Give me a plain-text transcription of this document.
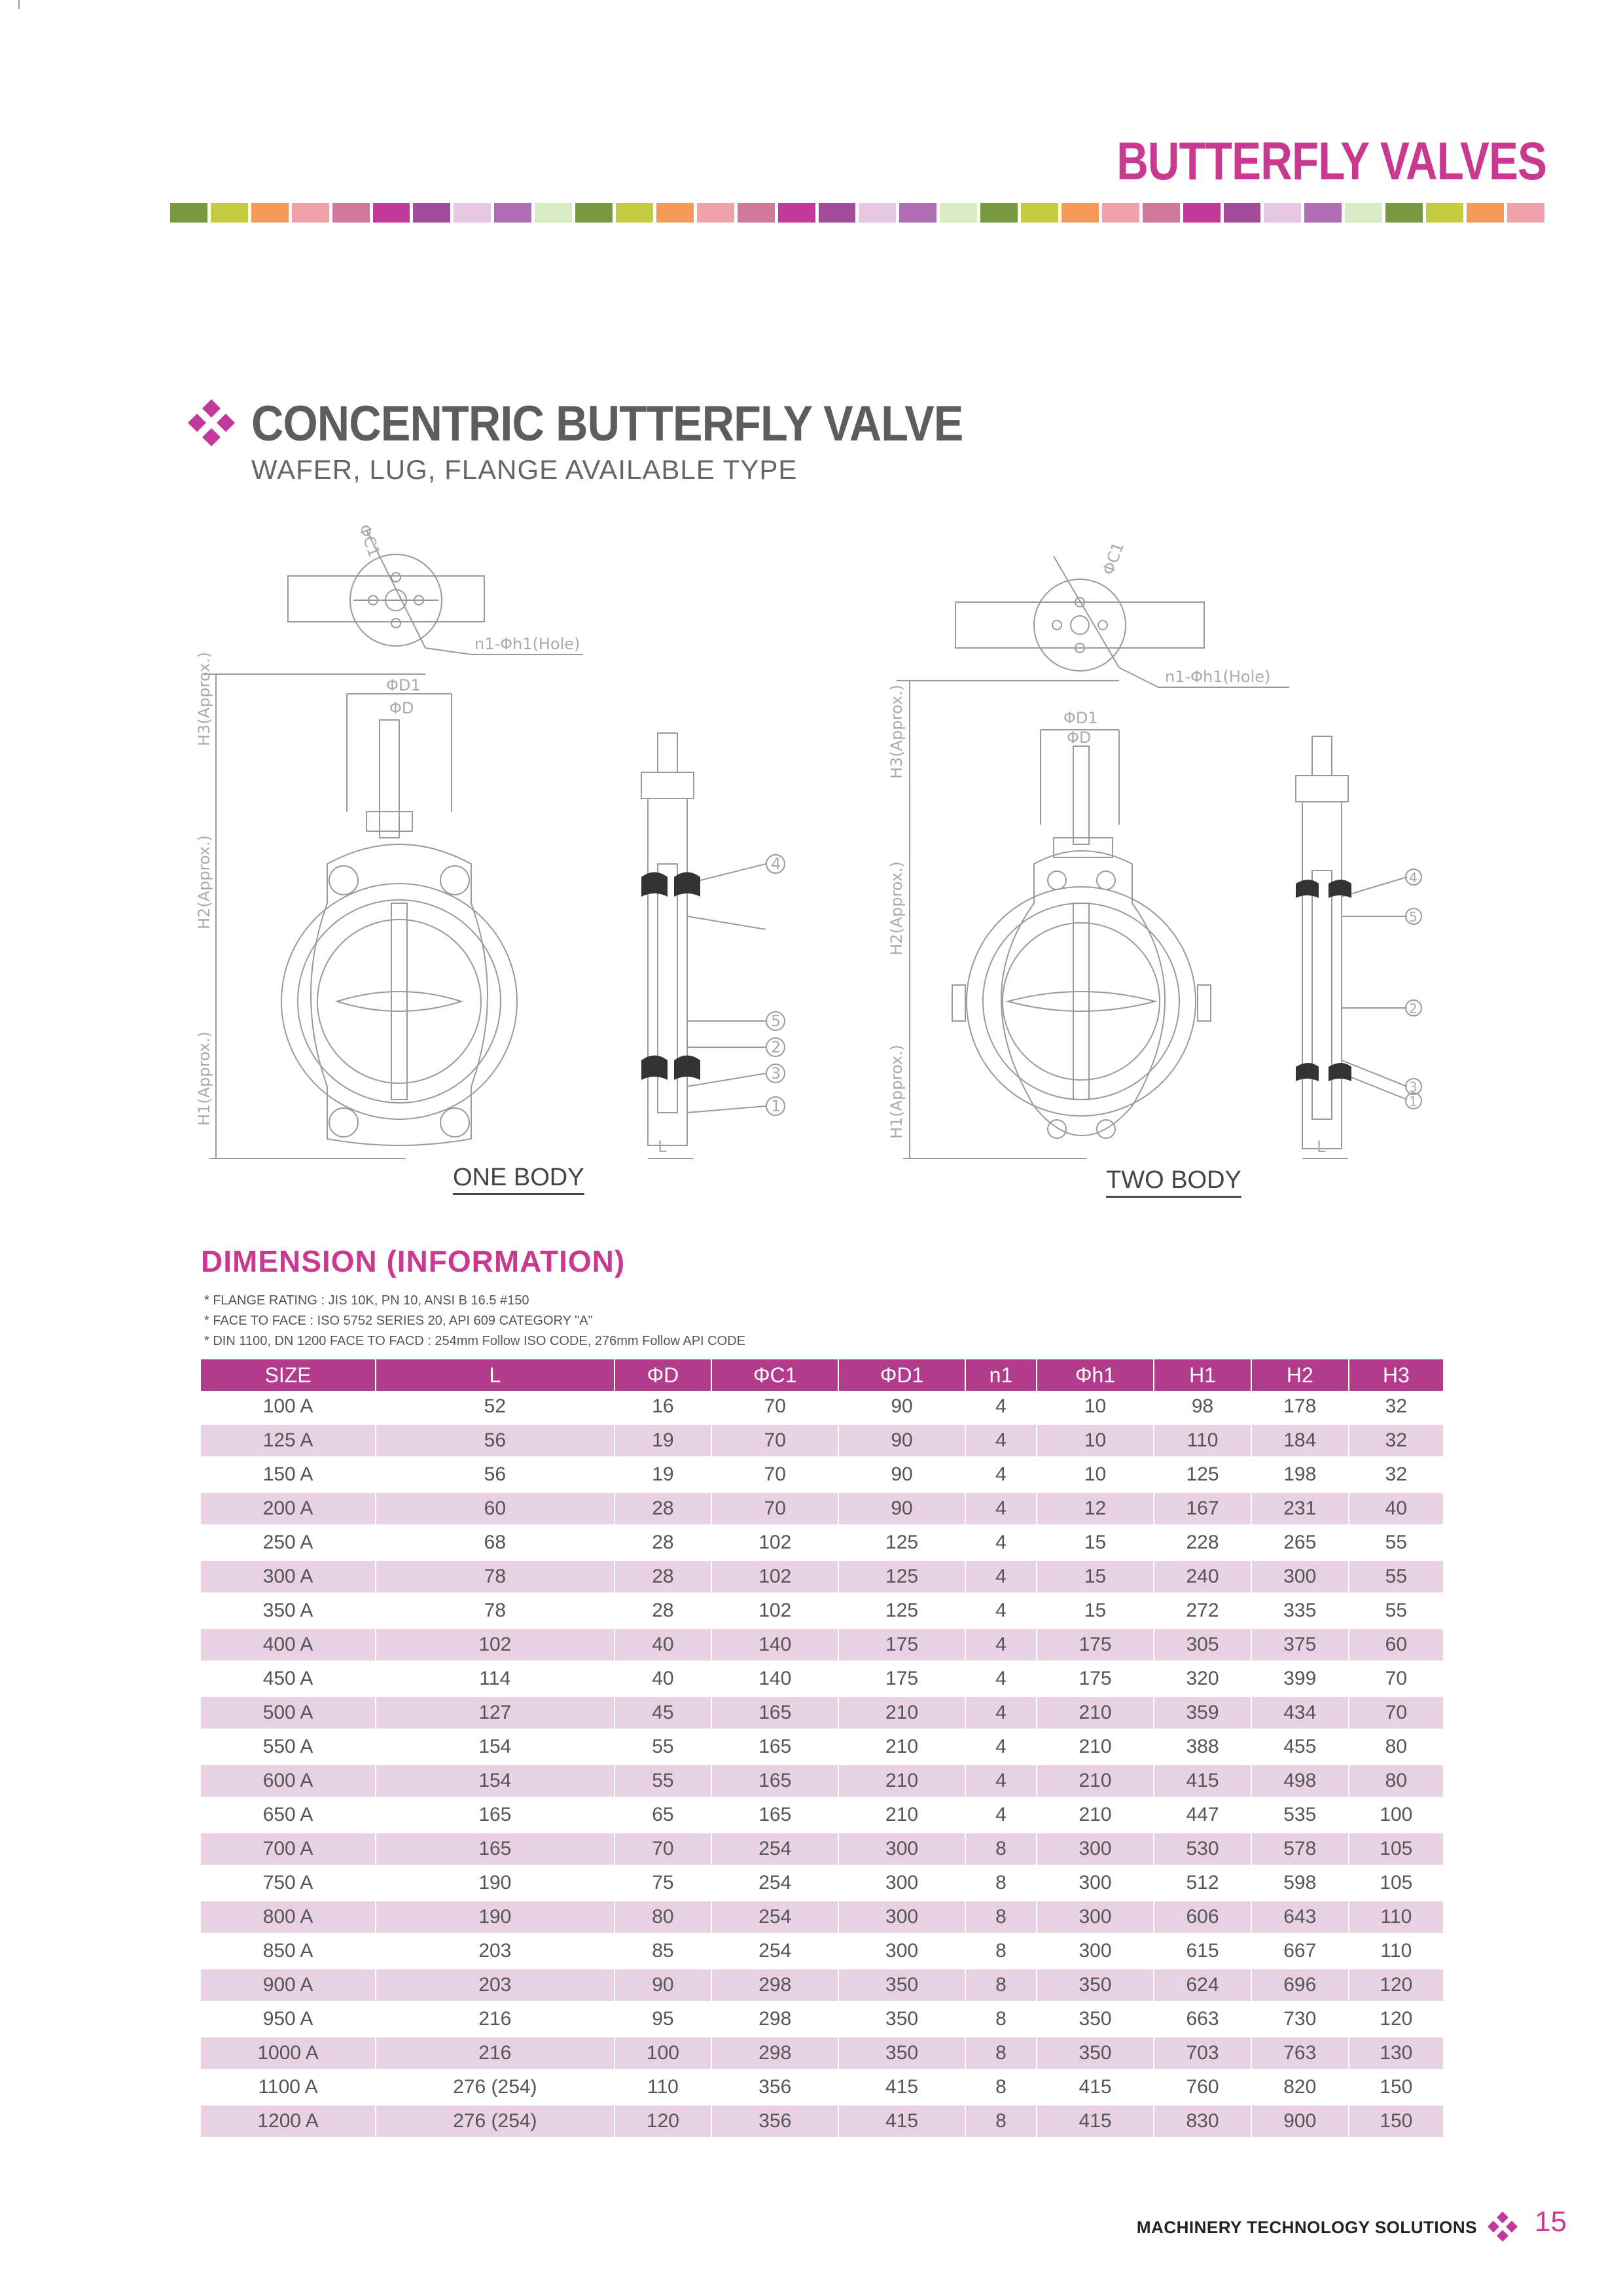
BUTTERFLY VALVES
CONCENTRIC BUTTERFLY VALVE
WAFER, LUG, FLANGE AVAILABLE TYPE
ΦC1
n1-Φh1(Hole)
ΦD1
ΦD
H3(Approx.)
H2(Approx.)
H1(Approx.)
L
4
5
2
3
1
ΦC1
n1-Φh1(Hole)
ΦD1
ΦD
H3(Approx.)
H2(Approx.)
H1(Approx.)
L
4
5
2
3
1
ONE BODY	TWO BODY
DIMENSION (INFORMATION)
* FLANGE RATING : JIS 10K, PN 10, ANSI B 16.5 #150
* FACE TO FACE : ISO 5752 SERIES 20, API 609 CATEGORY "A"
* DIN 1100, DN 1200 FACE TO FACD : 254mm Follow ISO CODE, 276mm Follow API CODE
SIZE	L	ΦD	ΦC1	ΦD1	n1	Φh1	H1	H2	H3
100 A	52	16	70	90	4	10	98	178	32
125 A	56	19	70	90	4	10	110	184	32
150 A	56	19	70	90	4	10	125	198	32
200 A	60	28	70	90	4	12	167	231	40
250 A	68	28	102	125	4	15	228	265	55
300 A	78	28	102	125	4	15	240	300	55
350 A	78	28	102	125	4	15	272	335	55
400 A	102	40	140	175	4	175	305	375	60
450 A	114	40	140	175	4	175	320	399	70
500 A	127	45	165	210	4	210	359	434	70
550 A	154	55	165	210	4	210	388	455	80
600 A	154	55	165	210	4	210	415	498	80
650 A	165	65	165	210	4	210	447	535	100
700 A	165	70	254	300	8	300	530	578	105
750 A	190	75	254	300	8	300	512	598	105
800 A	190	80	254	300	8	300	606	643	110
850 A	203	85	254	300	8	300	615	667	110
900 A	203	90	298	350	8	350	624	696	120
950 A	216	95	298	350	8	350	663	730	120
1000 A	216	100	298	350	8	350	703	763	130
1100 A	276 (254)	110	356	415	8	415	760	820	150
1200 A	276 (254)	120	356	415	8	415	830	900	150
MACHINERY TECHNOLOGY SOLUTIONS 15
